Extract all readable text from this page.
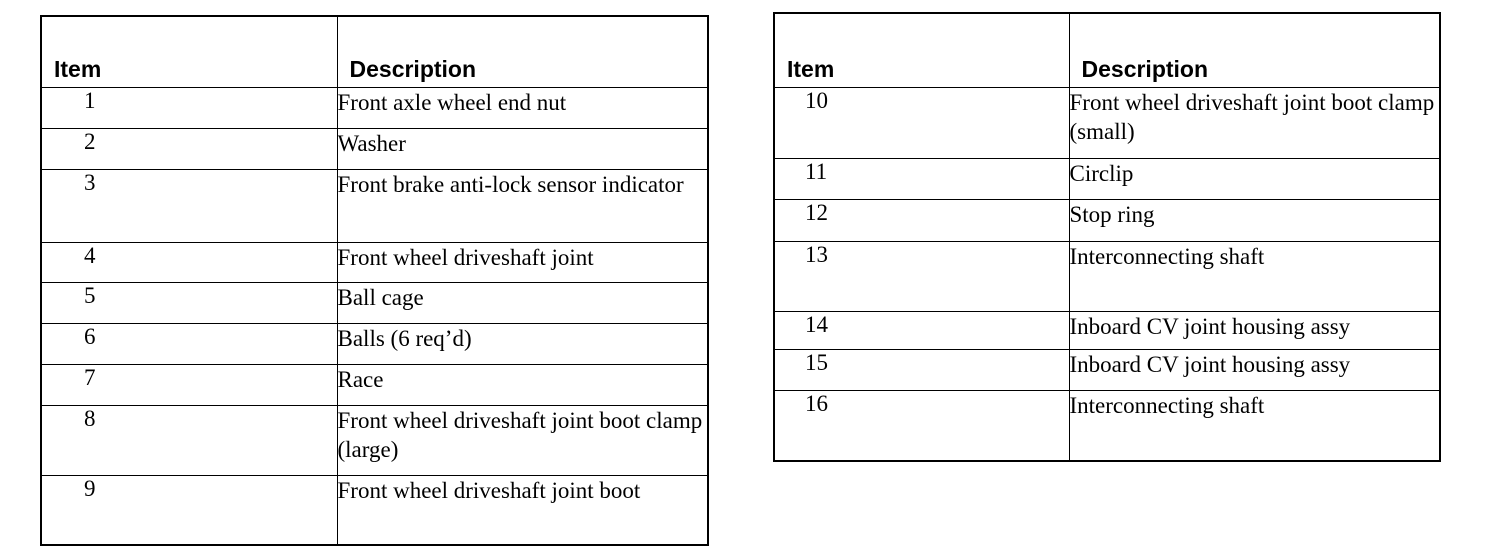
Item	Description
1	Front axle wheel end nut
2	Washer
3	Front brake anti-lock sensor indicator
4	Front wheel driveshaft joint
5	Ball cage
6	Balls (6 req’d)
7	Race
8	Front wheel driveshaft joint boot clamp (large)
9	Front wheel driveshaft joint boot
Item	Description
10	Front wheel driveshaft joint boot clamp (small)
11	Circlip
12	Stop ring
13	Interconnecting shaft
14	Inboard CV joint housing assy
15	Inboard CV joint housing assy
16	Interconnecting shaft
